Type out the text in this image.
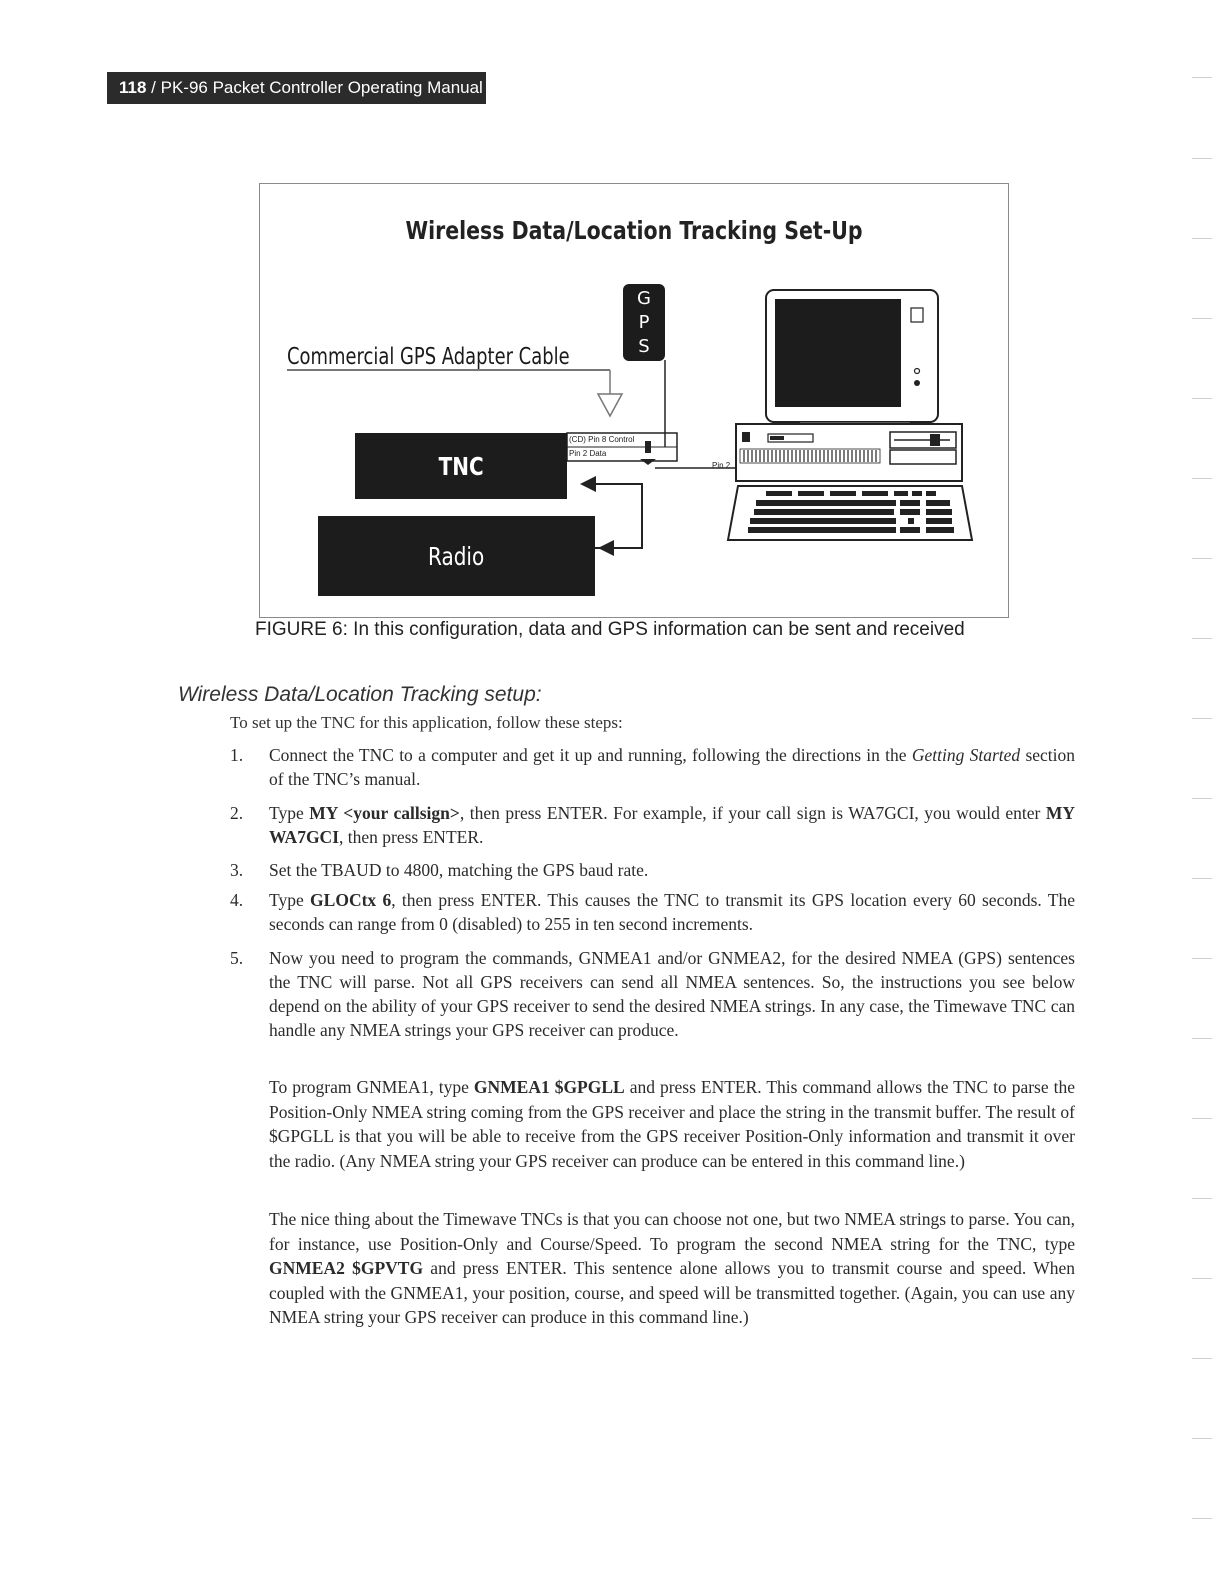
118 / PK-96 Packet Controller Operating Manual
Wireless Data/Location Tracking Set-Up
Commercial GPS Adapter Cable
G
P
S
TNC
Radio
(CD) Pin 8 Control
Pin 2 Data
Pin 2
FIGURE 6: In this configuration, data and GPS information can be sent and received
Wireless Data/Location Tracking setup:
To set up the TNC for this application, follow these steps:
1. Connect the TNC to a computer and get it up and running, following the directions in the Getting Started section of the TNC’s manual.
2. Type MY <your callsign>, then press ENTER. For example, if your call sign is WA7GCI, you would enter MY WA7GCI, then press ENTER.
3. Set the TBAUD to 4800, matching the GPS baud rate.
4. Type GLOCtx 6, then press ENTER. This causes the TNC to transmit its GPS location every 60 seconds. The seconds can range from 0 (disabled) to 255 in ten second increments.
5. Now you need to program the commands, GNMEA1 and/or GNMEA2, for the desired NMEA (GPS) sentences the TNC will parse. Not all GPS receivers can send all NMEA sentences. So, the instructions you see below depend on the ability of your GPS receiver to send the desired NMEA strings. In any case, the Timewave TNC can handle any NMEA strings your GPS receiver can produce.
To program GNMEA1, type GNMEA1 $GPGLL and press ENTER. This command allows the TNC to parse the Position-Only NMEA string coming from the GPS receiver and place the string in the transmit buffer. The result of $GPGLL is that you will be able to receive from the GPS receiver Position-Only information and transmit it over the radio. (Any NMEA string your GPS receiver can produce can be entered in this command line.)
The nice thing about the Timewave TNCs is that you can choose not one, but two NMEA strings to parse. You can, for instance, use Position-Only and Course/Speed. To program the second NMEA string for the TNC, type GNMEA2 $GPVTG and press ENTER. This sentence alone allows you to transmit course and speed. When coupled with the GNMEA1, your position, course, and speed will be transmitted together. (Again, you can use any NMEA string your GPS receiver can produce in this command line.)
